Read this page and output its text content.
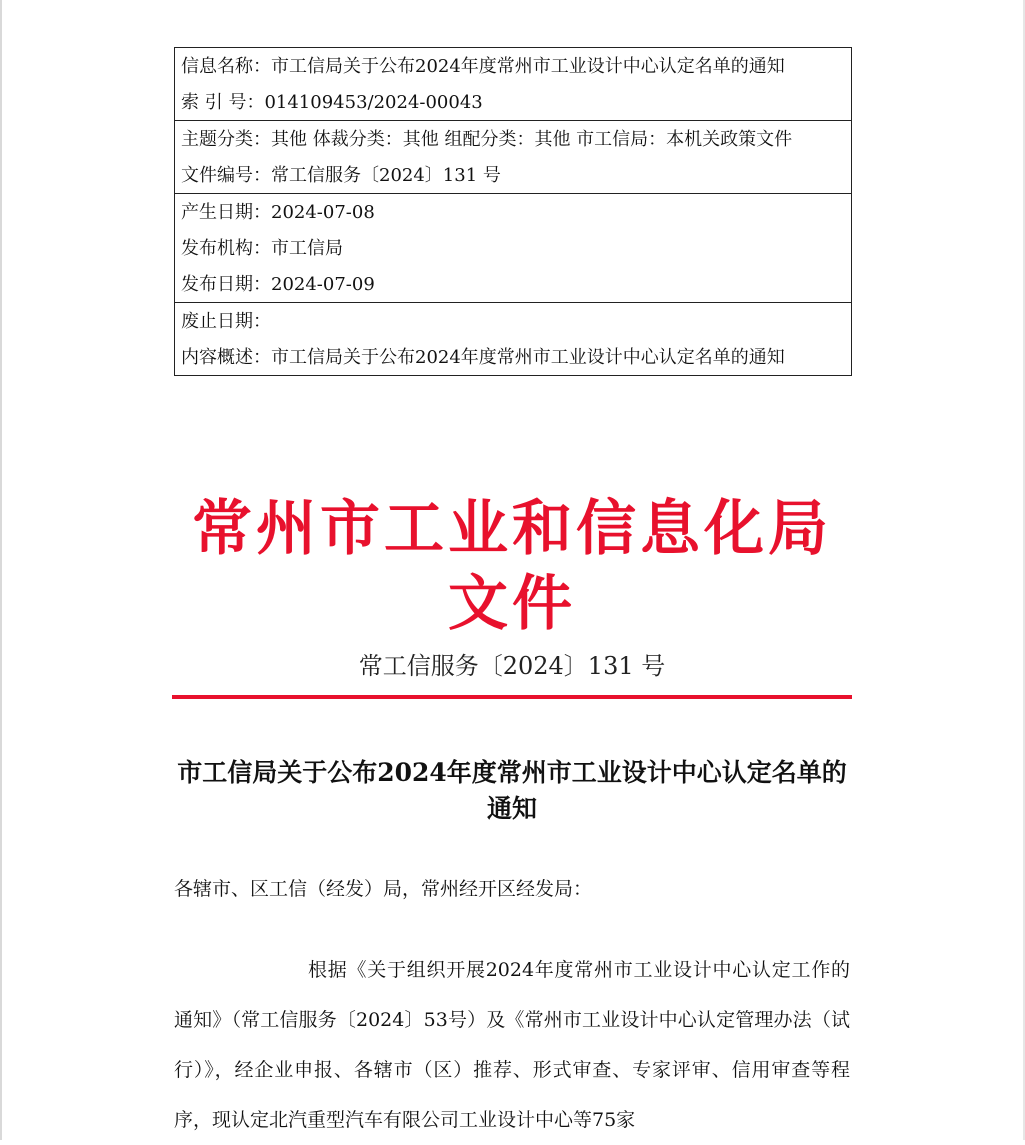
信息名称：市工信局关于公布2024年度常州市工业设计中心认定名单的通知
索 引 号： 014109453/2024-00043
主题分类：其他 体裁分类：其他 组配分类：其他 市工信局：本机关政策文件
文件编号： 常工信服务〔2024〕131 号
产生日期： 2024-07-08
发布机构： 市工信局
发布日期： 2024-07-09
废止日期：
内容概述：市工信局关于公布2024年度常州市工业设计中心认定名单的通知
常州市工业和信息化局文件
常工信服务〔2024〕131 号
市工信局关于公布2024年度常州市工业设计中心认定名单的通知
各辖市、区工信（经发）局，常州经开区经发局：
根据《关于组织开展2024年度常州市工业设计中心认定工作的通知》（常工信服务〔2024〕53号）及《常州市工业设计中心认定管理办法（试行）》，经企业申报、各辖市（区）推荐、形式审查、专家评审、信用审查等程序，现认定北汽重型汽车有限公司工业设计中心等75家
